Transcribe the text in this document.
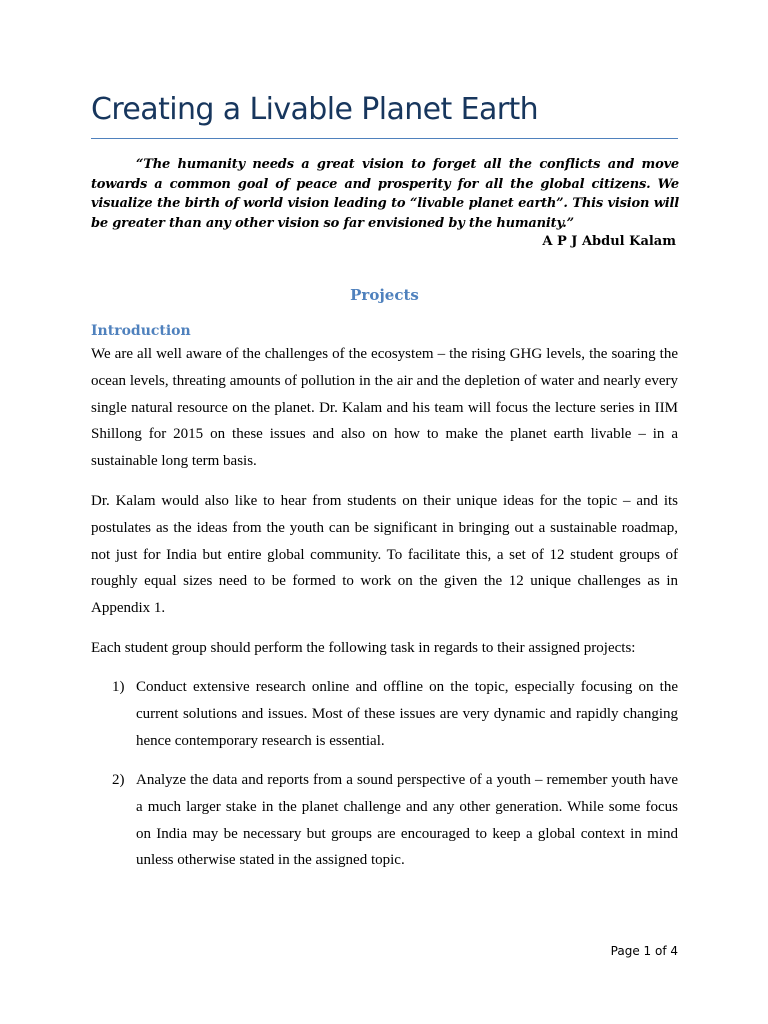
Creating a Livable Planet Earth
“The humanity needs a great vision to forget all the conflicts and move towards a common goal of peace and prosperity for all the global citizens. We visualize the birth of world vision leading to “livable planet earth”. This vision will be greater than any other vision so far envisioned by the humanity.”
A P J Abdul Kalam
Projects
Introduction
We are all well aware of the challenges of the ecosystem – the rising GHG levels, the soaring the ocean levels, threating amounts of pollution in the air and the depletion of water and nearly every single natural resource on the planet. Dr. Kalam and his team will focus the lecture series in IIM Shillong for 2015 on these issues and also on how to make the planet earth livable – in a sustainable long term basis.
Dr. Kalam would also like to hear from students on their unique ideas for the topic – and its postulates as the ideas from the youth can be significant in bringing out a sustainable roadmap, not just for India but entire global community. To facilitate this, a set of 12 student groups of roughly equal sizes need to be formed to work on the given the 12 unique challenges as in Appendix 1.
Each student group should perform the following task in regards to their assigned projects:
1) Conduct extensive research online and offline on the topic, especially focusing on the current solutions and issues. Most of these issues are very dynamic and rapidly changing hence contemporary research is essential.
2) Analyze the data and reports from a sound perspective of a youth – remember youth have a much larger stake in the planet challenge and any other generation. While some focus on India may be necessary but groups are encouraged to keep a global context in mind unless otherwise stated in the assigned topic.
Page 1 of 4
